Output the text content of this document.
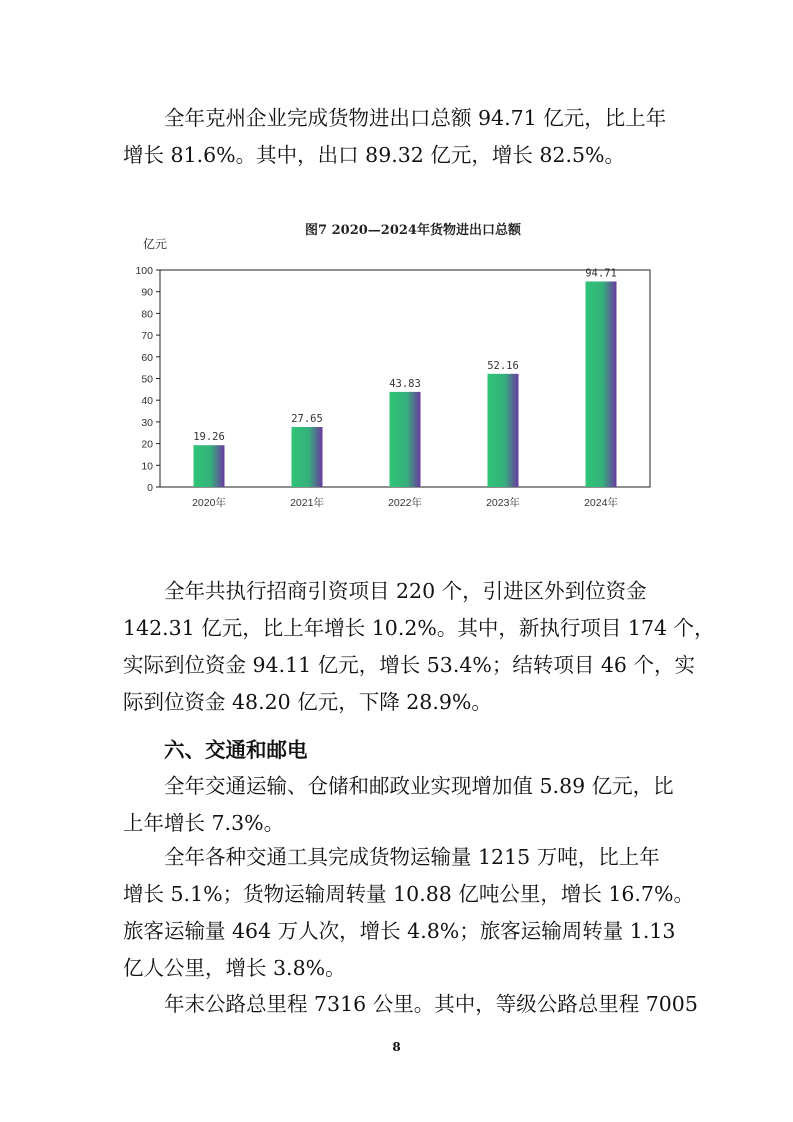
全年克州企业完成货物进出口总额 94.71 亿元，比上年
增长 81.6%。其中，出口 89.32 亿元，增长 82.5%。
图7 2020—2024年货物进出口总额
亿元
0
10
20
30
40
50
60
70
80
90
100
19.26
2020年
27.65
2021年
43.83
2022年
52.16
2023年
94.71
2024年
全年共执行招商引资项目 220 个，引进区外到位资金
142.31 亿元，比上年增长 10.2%。其中，新执行项目 174 个，
实际到位资金 94.11 亿元，增长 53.4%；结转项目 46 个，实
际到位资金 48.20 亿元，下降 28.9%。
六、交通和邮电
全年交通运输、仓储和邮政业实现增加值 5.89 亿元，比
上年增长 7.3%。
全年各种交通工具完成货物运输量 1215 万吨，比上年
增长 5.1%；货物运输周转量 10.88 亿吨公里，增长 16.7%。
旅客运输量 464 万人次，增长 4.8%；旅客运输周转量 1.13
亿人公里，增长 3.8%。
年末公路总里程 7316 公里。其中，等级公路总里程 7005
8
